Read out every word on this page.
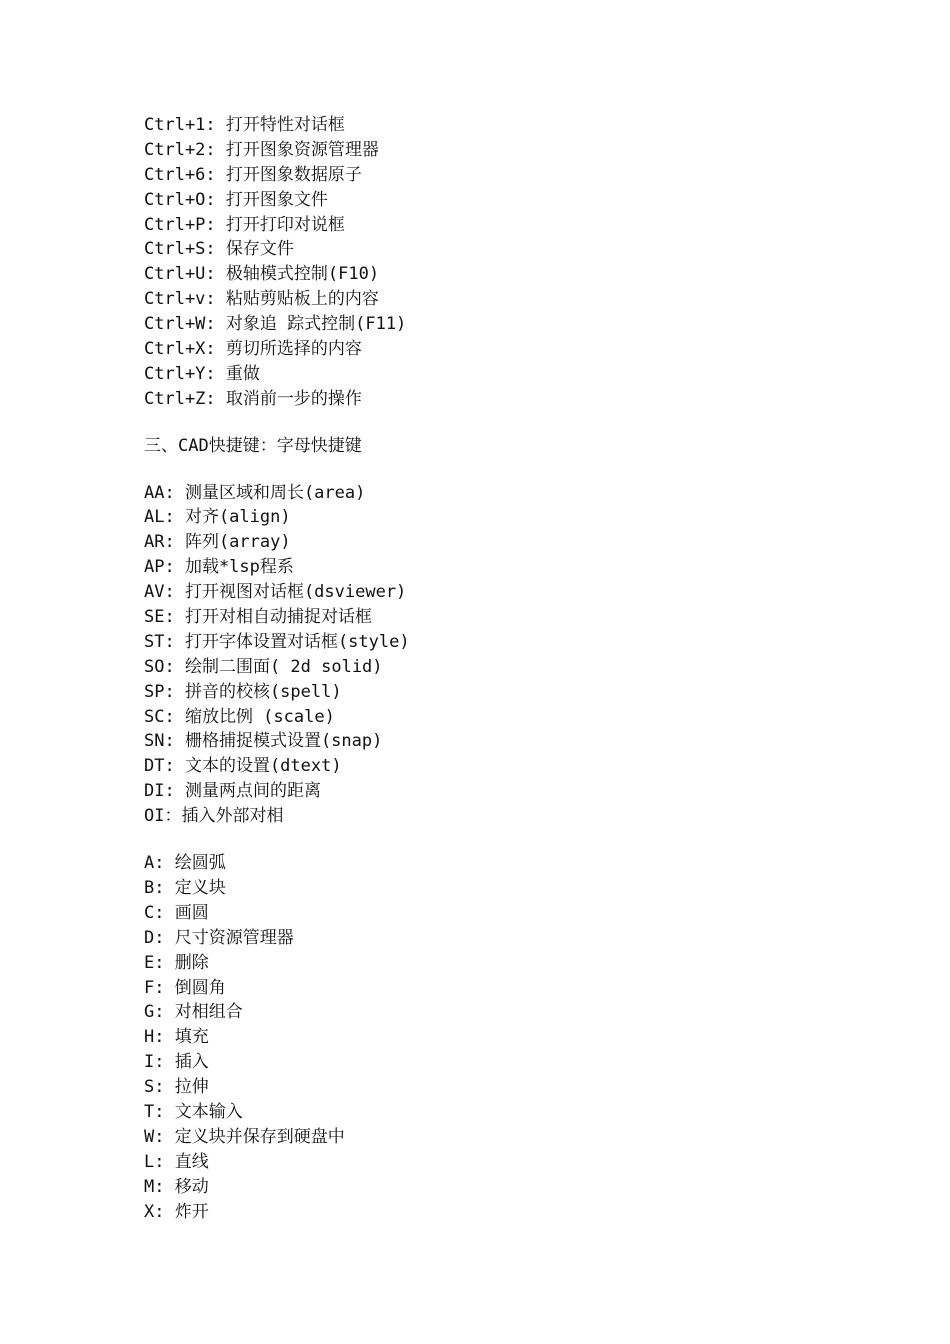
Ctrl+1: 打开特性对话框
Ctrl+2: 打开图象资源管理器
Ctrl+6: 打开图象数据原子
Ctrl+O: 打开图象文件
Ctrl+P: 打开打印对说框
Ctrl+S: 保存文件
Ctrl+U: 极轴模式控制(F10)
Ctrl+v: 粘贴剪贴板上的内容
Ctrl+W: 对象追 踪式控制(F11)
Ctrl+X: 剪切所选择的内容
Ctrl+Y: 重做
Ctrl+Z: 取消前一步的操作
三、CAD快捷键：字母快捷键
AA: 测量区域和周长(area)
AL: 对齐(align)
AR: 阵列(array)
AP: 加载*lsp程系
AV: 打开视图对话框(dsviewer)
SE: 打开对相自动捕捉对话框
ST: 打开字体设置对话框(style)
SO: 绘制二围面( 2d solid)
SP: 拼音的校核(spell)
SC: 缩放比例 (scale)
SN: 栅格捕捉模式设置(snap)
DT: 文本的设置(dtext)
DI: 测量两点间的距离
OI：插入外部对相
A: 绘圆弧
B: 定义块
C: 画圆
D: 尺寸资源管理器
E: 删除
F: 倒圆角
G: 对相组合
H: 填充
I: 插入
S: 拉伸
T: 文本输入
W: 定义块并保存到硬盘中
L: 直线
M: 移动
X: 炸开
